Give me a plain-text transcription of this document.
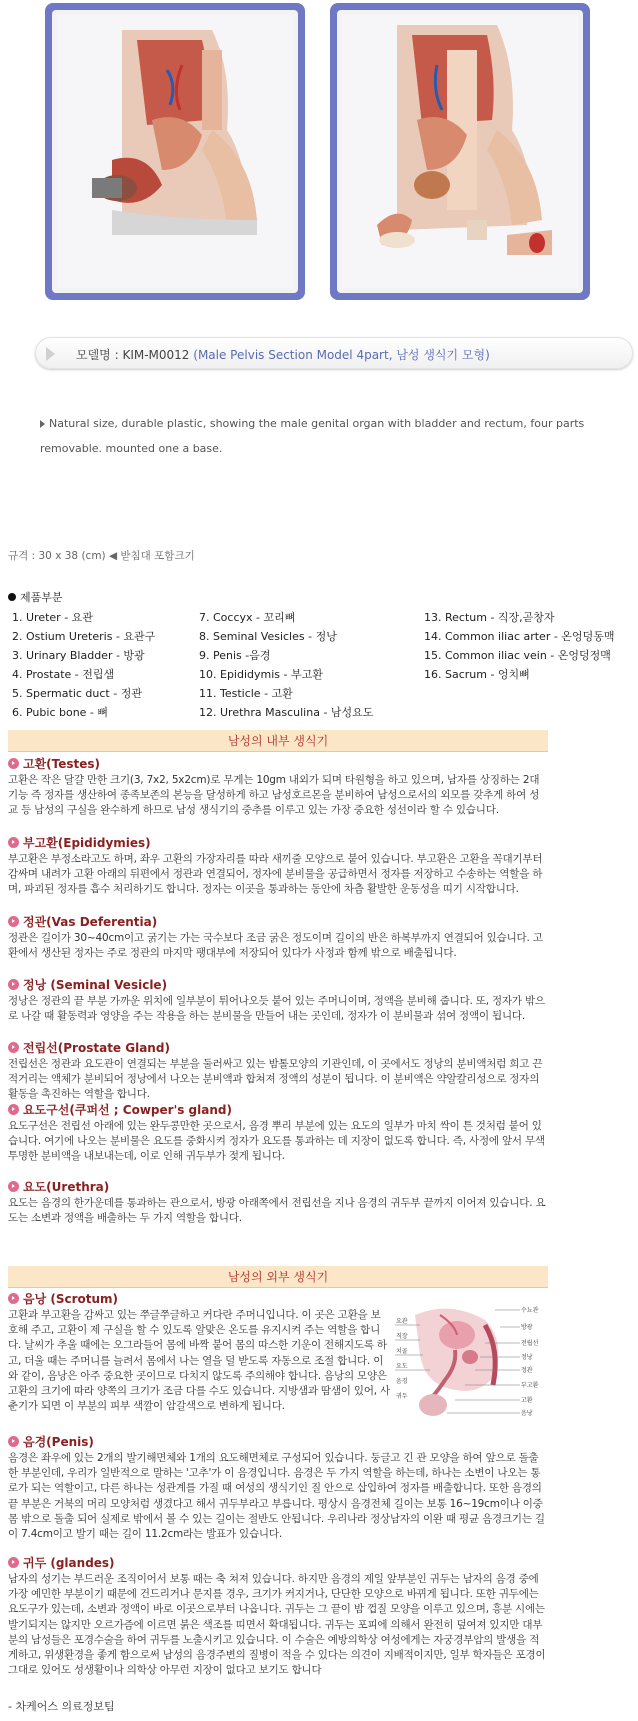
모델명 : KIM-M0012 (Male Pelvis Section Model 4part, 남성 생식기 모형)
Natural size, durable plastic, showing the male genital organ with bladder and rectum, four parts removable. mounted one a base.
규격 : 30 x 38 (cm) ◀ 받침대 포함크기
제품부분
1. Ureter - 요관
2. Ostium Ureteris - 요관구
3. Urinary Bladder - 방광
4. Prostate - 전립샘
5. Spermatic duct - 정관
6. Pubic bone - 뼈
7. Coccyx - 꼬리뼈
8. Seminal Vesicles - 정낭
9. Penis -음경
10. Epididymis - 부고환
11. Testicle - 고환
12. Urethra Masculina - 남성요도
13. Rectum - 직장,곧창자
14. Common iliac arter - 온엉덩동맥
15. Common iliac vein - 온엉덩정맥
16. Sacrum - 엉치뼈
남성의 내부 생식기
고환(Testes)
고환은 작은 달걀 만한 크기(3, 7x2, 5x2cm)로 무게는 10gm 내외가 되며 타원형을 하고 있으며, 남자를 상징하는 2대 기능 즉 정자를 생산하여 종족보존의 본능을 달성하게 하고 남성호르몬을 분비하여 남성으로서의 외모를 갖추게 하여 성교 등 남성의 구실을 완수하게 하므로 남성 생식기의 중추를 이루고 있는 가장 중요한 성선이라 할 수 있습니다.
부고환(Epididymies)
부고환은 부정소라고도 하며, 좌우 고환의 가장자리를 따라 새끼줄 모양으로 붙어 있습니다. 부고환은 고환을 꼭대기부터 감싸며 내려가 고환 아래의 뒤편에서 정관과 연결되어, 정자에 분비물을 공급하면서 정자를 저장하고 수송하는 역할을 하며, 파괴된 정자를 흡수 처리하기도 합니다. 정자는 이곳을 통과하는 동안에 차츰 활발한 운동성을 띠기 시작합니다.
정관(Vas Deferentia)
정관은 길이가 30~40cm이고 굵기는 가는 국수보다 조금 굵은 정도이며 길이의 반은 하복부까지 연결되어 있습니다. 고환에서 생산된 정자는 주로 정관의 마지막 팽대부에 저장되어 있다가 사정과 함께 밖으로 배출됩니다.
정낭 (Seminal Vesicle)
정낭은 정관의 끝 부분 가까운 위치에 일부분이 튀어나오듯 붙어 있는 주머니이며, 정액을 분비해 줍니다. 또, 정자가 밖으로 나갈 때 활동력과 영양을 주는 작용을 하는 분비물을 만들어 내는 곳인데, 정자가 이 분비물과 섞여 정액이 됩니다.
전립선(Prostate Gland)
전립선은 정관과 요도관이 연결되는 부분을 둘러싸고 있는 밤톨모양의 기관인데, 이 곳에서도 정낭의 분비액처럼 희고 끈적거리는 액체가 분비되어 정낭에서 나오는 분비액과 합쳐져 정액의 성분이 됩니다. 이 분비액은 약알칼리성으로 정자의 활동을 촉진하는 역할을 합니다.
요도구선(쿠퍼선 ; Cowper's gland)
요도구선은 전립선 아래에 있는 완두콩만한 곳으로서, 음경 뿌리 부분에 있는 요도의 일부가 마치 싹이 튼 것처럼 붙어 있습니다. 여기에 나오는 분비물은 요도를 중화시켜 정자가 요도를 통과하는 데 지장이 없도록 합니다. 즉, 사정에 앞서 무색 투명한 분비액을 내보내는데, 이로 인해 귀두부가 젖게 됩니다.
요도(Urethra)
요도는 음경의 한가운데를 통과하는 관으로서, 방광 아래쪽에서 전립선을 지나 음경의 귀두부 끝까지 이어져 있습니다. 요도는 소변과 정액을 배출하는 두 가지 역할을 합니다.
남성의 외부 생식기
음낭 (Scrotum)
고환과 부고환을 감싸고 있는 쭈글쭈글하고 커다란 주머니입니다. 이 곳은 고환을 보호해 주고, 고환이 제 구실을 할 수 있도록 알맞은 온도를 유지시켜 주는 역할을 합니다. 날씨가 추울 때에는 오그라들어 몸에 바짝 붙어 몸의 따스한 기운이 전해지도록 하고, 더울 때는 주머니를 늘려서 몸에서 나는 열을 덜 받도록 자동으로 조절 합니다. 이와 같이, 음낭은 아주 중요한 곳이므로 다치지 않도록 주의해야 합니다. 음낭의 모양은 고환의 크기에 따라 양쪽의 크기가 조금 다를 수도 있습니다. 지방샘과 땀샘이 있어, 사춘기가 되면 이 부분의 피부 색깔이 암갈색으로 변하게 됩니다.
수뇨관
방광
전립선
정낭
정관
부고환
고환
음낭
요관
직장
치골
요도
음경
귀두
음경(Penis)
음경은 좌우에 있는 2개의 발기해면체와 1개의 요도해면체로 구성되어 있습니다. 둥글고 긴 관 모양을 하여 앞으로 돌출한 부분인데, 우리가 일반적으로 말하는 '고추'가 이 음경입니다. 음경은 두 가지 역할을 하는데, 하나는 소변이 나오는 통로가 되는 역할이고, 다른 하나는 성관계를 가질 때 여성의 생식기인 질 안으로 삽입하여 정자를 배출합니다. 또한 음경의 끝 부분은 거북의 머리 모양처럼 생겼다고 해서 귀두부라고 부릅니다. 평상시 음경전체 길이는 보통 16~19cm이나 이중 몸 밖으로 돌출 되어 실제로 밖에서 볼 수 있는 길이는 절반도 안됩니다. 우리나라 정상남자의 이완 때 평균 음경크기는 길이 7.4cm이고 발기 때는 길이 11.2cm라는 발표가 있습니다.
귀두 (glandes)
남자의 성기는 부드러운 조직이어서 보통 때는 축 쳐져 있습니다. 하지만 음경의 제일 앞부분인 귀두는 남자의 음경 중에 가장 예민한 부분이기 때문에 건드리거나 문지를 경우, 크기가 커지거나, 단단한 모양으로 바뀌게 됩니다. 또한 귀두에는 요도구가 있는데, 소변과 정액이 바로 이곳으로부터 나옵니다. 귀두는 그 끝이 밤 껍질 모양을 이루고 있으며, 흥분 시에는 발기되지는 않지만 오르가즘에 이르면 붉은 색조를 띠면서 확대됩니다. 귀두는 포피에 의해서 완전히 덮여져 있지만 대부분의 남성들은 포경수술을 하여 귀두를 노출시키고 있습니다. 이 수술은 예방의학상 여성에게는 자궁경부암의 발생을 적게하고, 위생환경을 좋게 함으로써 남성의 음경주변의 질병이 적을 수 있다는 의견이 지배적이지만, 일부 학자들은 포경이 그대로 있어도 성생활이나 의학상 아무런 지장이 없다고 보기도 합니다
- 차케어스 의료정보팀
